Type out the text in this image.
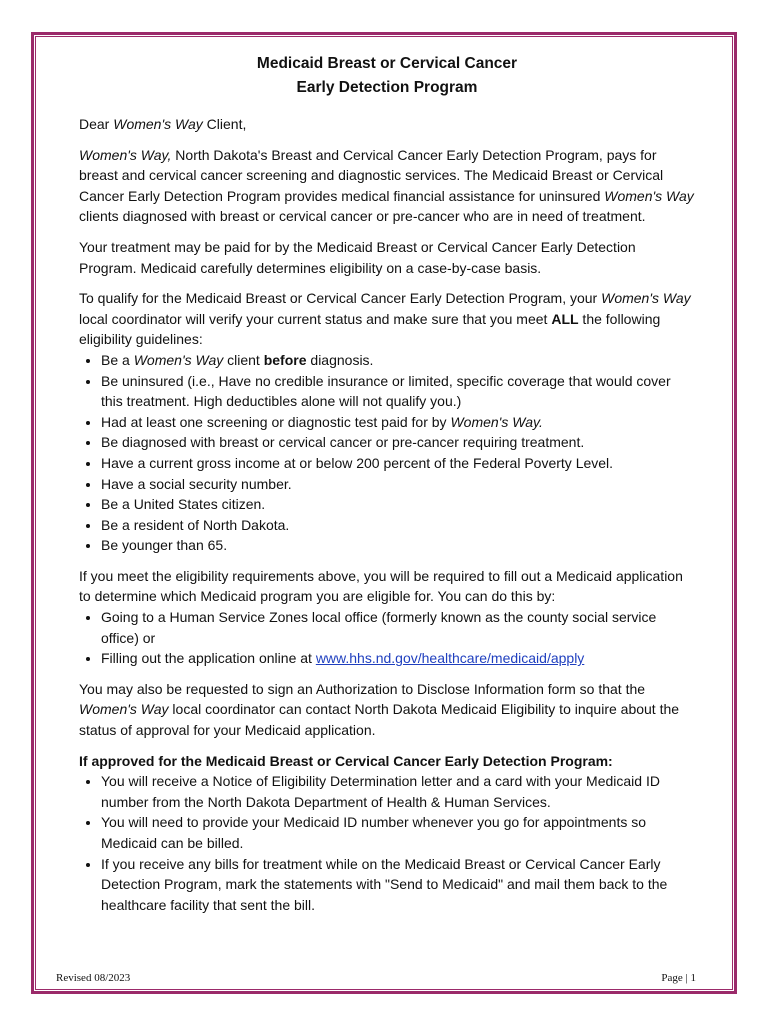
Medicaid Breast or Cervical Cancer
Early Detection Program

Dear Women's Way Client,

Women's Way, North Dakota's Breast and Cervical Cancer Early Detection Program, pays for breast and cervical cancer screening and diagnostic services. The Medicaid Breast or Cervical Cancer Early Detection Program provides medical financial assistance for uninsured Women's Way clients diagnosed with breast or cervical cancer or pre-cancer who are in need of treatment.

Your treatment may be paid for by the Medicaid Breast or Cervical Cancer Early Detection Program. Medicaid carefully determines eligibility on a case-by-case basis.

To qualify for the Medicaid Breast or Cervical Cancer Early Detection Program, your Women's Way local coordinator will verify your current status and make sure that you meet ALL the following eligibility guidelines:

• Be a Women's Way client before diagnosis.
• Be uninsured (i.e., Have no credible insurance or limited, specific coverage that would cover this treatment. High deductibles alone will not qualify you.)
• Had at least one screening or diagnostic test paid for by Women's Way.
• Be diagnosed with breast or cervical cancer or pre-cancer requiring treatment.
• Have a current gross income at or below 200 percent of the Federal Poverty Level.
• Have a social security number.
• Be a United States citizen.
• Be a resident of North Dakota.
• Be younger than 65.

If you meet the eligibility requirements above, you will be required to fill out a Medicaid application to determine which Medicaid program you are eligible for. You can do this by:

• Going to a Human Service Zones local office (formerly known as the county social service office) or
• Filling out the application online at www.hhs.nd.gov/healthcare/medicaid/apply

You may also be requested to sign an Authorization to Disclose Information form so that the Women's Way local coordinator can contact North Dakota Medicaid Eligibility to inquire about the status of approval for your Medicaid application.

If approved for the Medicaid Breast or Cervical Cancer Early Detection Program:

• You will receive a Notice of Eligibility Determination letter and a card with your Medicaid ID number from the North Dakota Department of Health & Human Services.
• You will need to provide your Medicaid ID number whenever you go for appointments so Medicaid can be billed.
• If you receive any bills for treatment while on the Medicaid Breast or Cervical Cancer Early Detection Program, mark the statements with "Send to Medicaid" and mail them back to the healthcare facility that sent the bill.
Revised 08/2023	Page | 1
